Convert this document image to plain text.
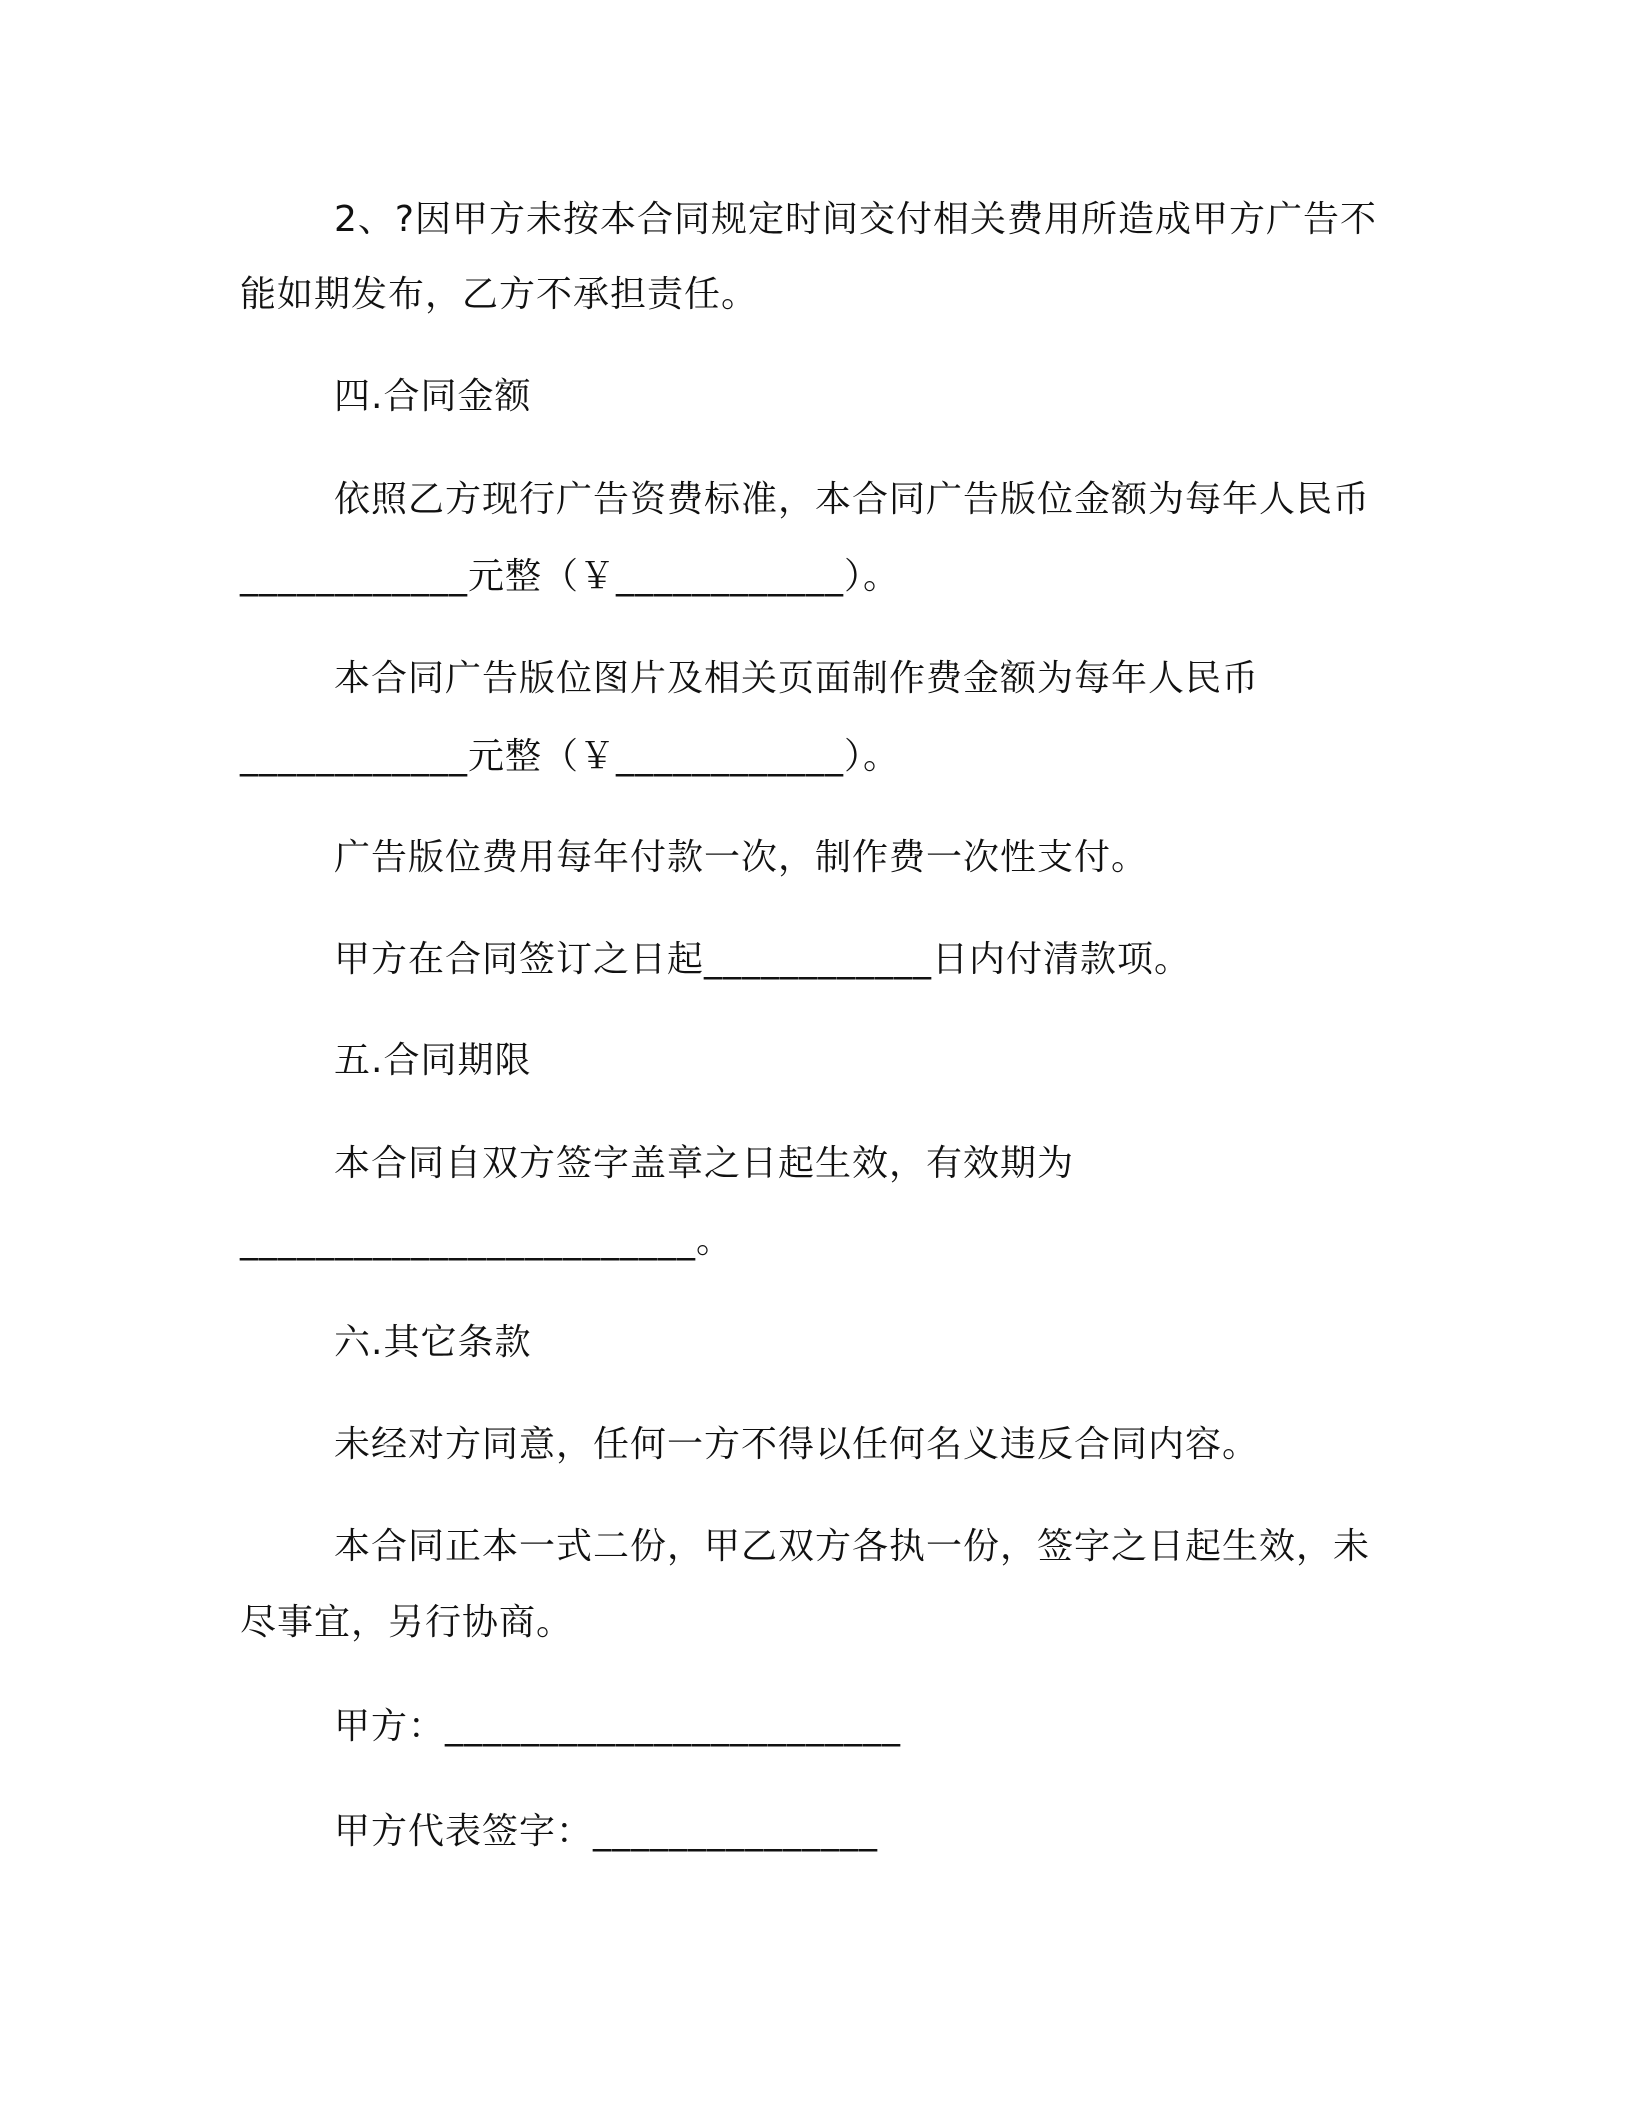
2、?因甲方未按本合同规定时间交付相关费用所造成甲方广告不
能如期发布，乙方不承担责任。
四.合同金额
依照乙方现行广告资费标准，本合同广告版位金额为每年人民币
____________元整（￥____________）。
本合同广告版位图片及相关页面制作费金额为每年人民币
____________元整（￥____________）。
广告版位费用每年付款一次，制作费一次性支付。
甲方在合同签订之日起____________日内付清款项。
五.合同期限
本合同自双方签字盖章之日起生效，有效期为
________________________。
六.其它条款
未经对方同意，任何一方不得以任何名义违反合同内容。
本合同正本一式二份，甲乙双方各执一份，签字之日起生效，未
尽事宜，另行协商。
甲方：________________________
甲方代表签字：_______________
